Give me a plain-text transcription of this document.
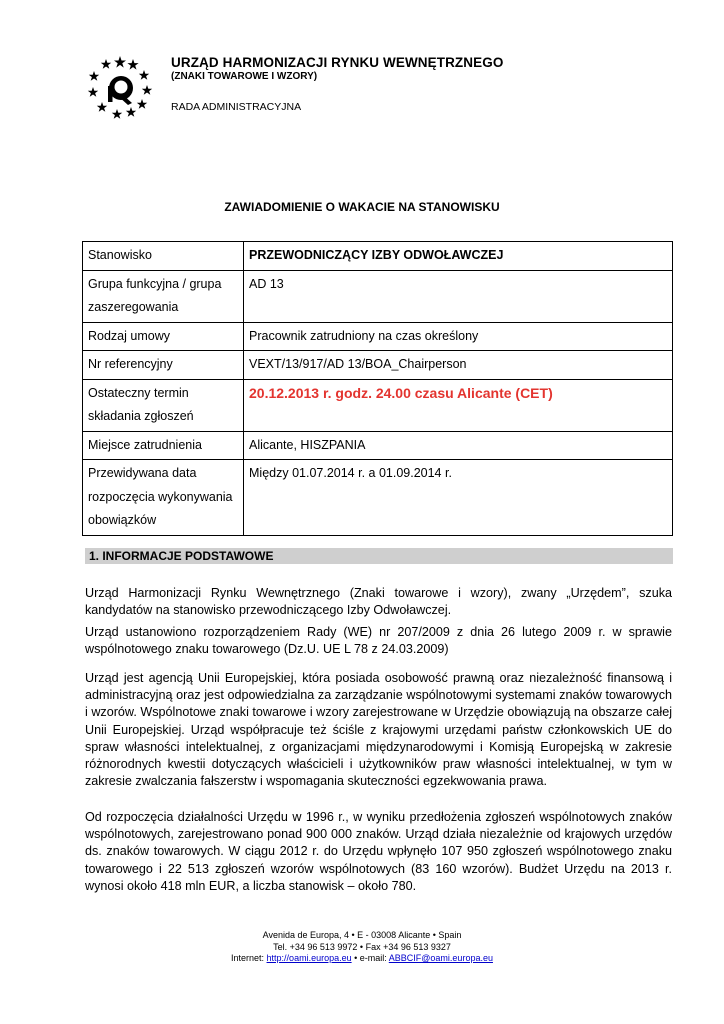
URZĄD HARMONIZACJI RYNKU WEWNĘTRZNEGO
(ZNAKI TOWAROWE I WZORY)
RADA ADMINISTRACYJNA
ZAWIADOMIENIE O WAKACIE NA STANOWISKU
Stanowisko	PRZEWODNICZĄCY IZBY ODWOŁAWCZEJ
Grupa funkcyjna / grupa zaszeregowania	AD 13
Rodzaj umowy	Pracownik zatrudniony na czas określony
Nr referencyjny	VEXT/13/917/AD 13/BOA_Chairperson
Ostateczny termin składania zgłoszeń	20.12.2013 r. godz. 24.00 czasu Alicante (CET)
Miejsce zatrudnienia	Alicante, HISZPANIA
Przewidywana data rozpoczęcia wykonywania obowiązków	Między 01.07.2014 r. a 01.09.2014 r.
1. INFORMACJE PODSTAWOWE
Urząd Harmonizacji Rynku Wewnętrznego (Znaki towarowe i wzory), zwany „Urzędem”, szuka kandydatów na stanowisko przewodniczącego Izby Odwoławczej.
Urząd ustanowiono rozporządzeniem Rady (WE) nr 207/2009 z dnia 26 lutego 2009 r. w sprawie wspólnotowego znaku towarowego (Dz.U. UE L 78 z 24.03.2009)
Urząd jest agencją Unii Europejskiej, która posiada osobowość prawną oraz niezależność finansową i administracyjną oraz jest odpowiedzialna za zarządzanie wspólnotowymi systemami znaków towarowych i wzorów. Wspólnotowe znaki towarowe i wzory zarejestrowane w Urzędzie obowiązują na obszarze całej Unii Europejskiej. Urząd współpracuje też ściśle z krajowymi urzędami państw członkowskich UE do spraw własności intelektualnej, z organizacjami międzynarodowymi i Komisją Europejską w zakresie różnorodnych kwestii dotyczących właścicieli i użytkowników praw własności intelektualnej, w tym w zakresie zwalczania fałszerstw i wspomagania skuteczności egzekwowania prawa.
Od rozpoczęcia działalności Urzędu w 1996 r., w wyniku przedłożenia zgłoszeń wspólnotowych znaków wspólnotowych, zarejestrowano ponad 900 000 znaków. Urząd działa niezależnie od krajowych urzędów ds. znaków towarowych. W ciągu 2012 r. do Urzędu wpłynęło 107 950 zgłoszeń wspólnotowego znaku towarowego i 22 513 zgłoszeń wzorów wspólnotowych (83 160 wzorów). Budżet Urzędu na 2013 r. wynosi około 418 mln EUR, a liczba stanowisk – około 780.
Avenida de Europa, 4 • E - 03008 Alicante • Spain
Tel. +34 96 513 9972 • Fax +34 96 513 9327
Internet: http://oami.europa.eu • e-mail: ABBCIF@oami.europa.eu
